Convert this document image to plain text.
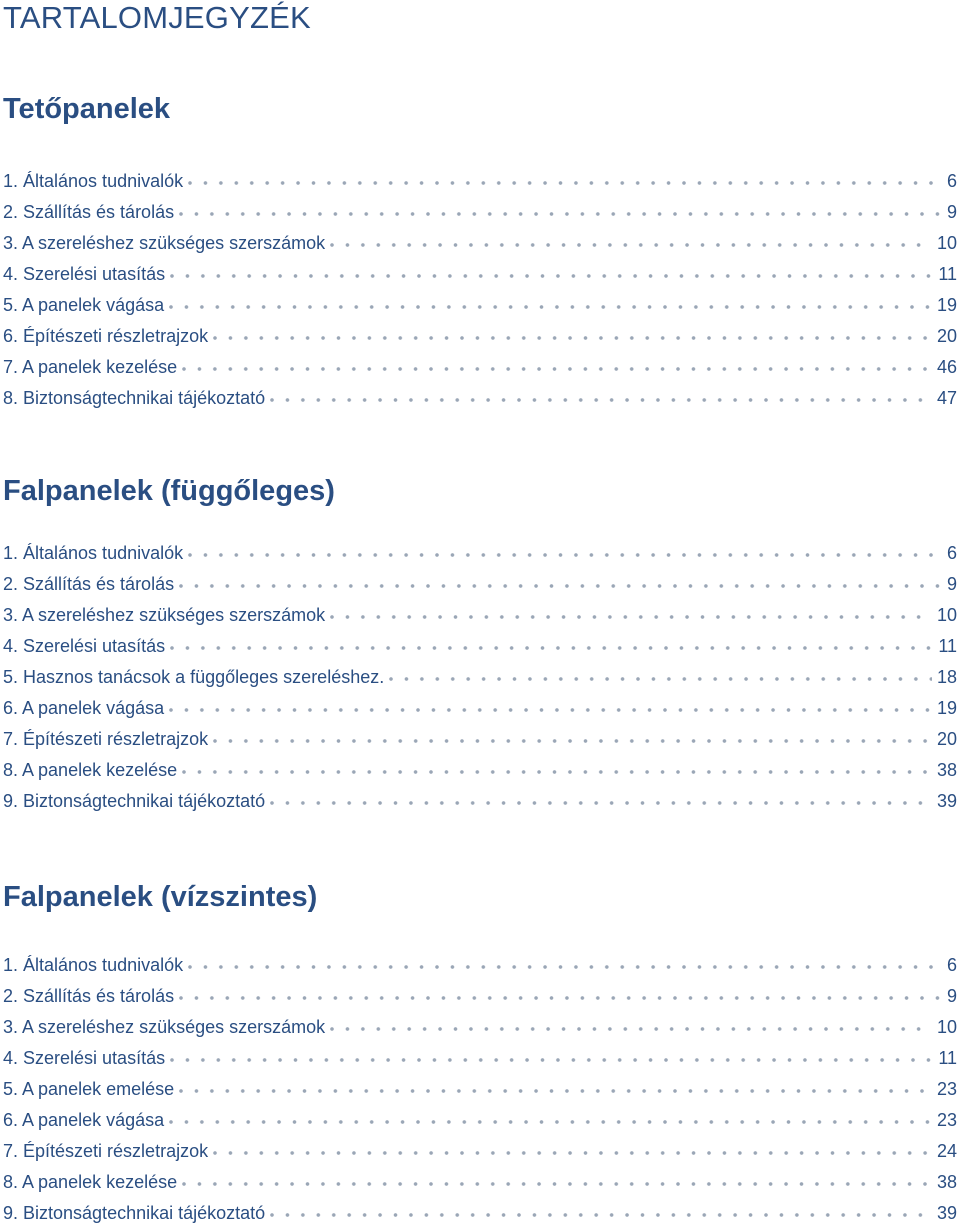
TARTALOMJEGYZÉK
Tetőpanelek
1. Általános tudnivalók	6
2. Szállítás és tárolás	9
3. A szereléshez szükséges szerszámok	10
4. Szerelési utasítás	11
5. A panelek vágása	19
6. Építészeti részletrajzok	20
7. A panelek kezelése	46
8. Biztonságtechnikai tájékoztató	47
Falpanelek (függőleges)
1. Általános tudnivalók	6
2. Szállítás és tárolás	9
3. A szereléshez szükséges szerszámok	10
4. Szerelési utasítás	11
5. Hasznos tanácsok a függőleges szereléshez.	18
6. A panelek vágása	19
7. Építészeti részletrajzok	20
8. A panelek kezelése	38
9. Biztonságtechnikai tájékoztató	39
Falpanelek (vízszintes)
1. Általános tudnivalók	6
2. Szállítás és tárolás	9
3. A szereléshez szükséges szerszámok	10
4. Szerelési utasítás	11
5. A panelek emelése	23
6. A panelek vágása	23
7. Építészeti részletrajzok	24
8. A panelek kezelése	38
9. Biztonságtechnikai tájékoztató	39
